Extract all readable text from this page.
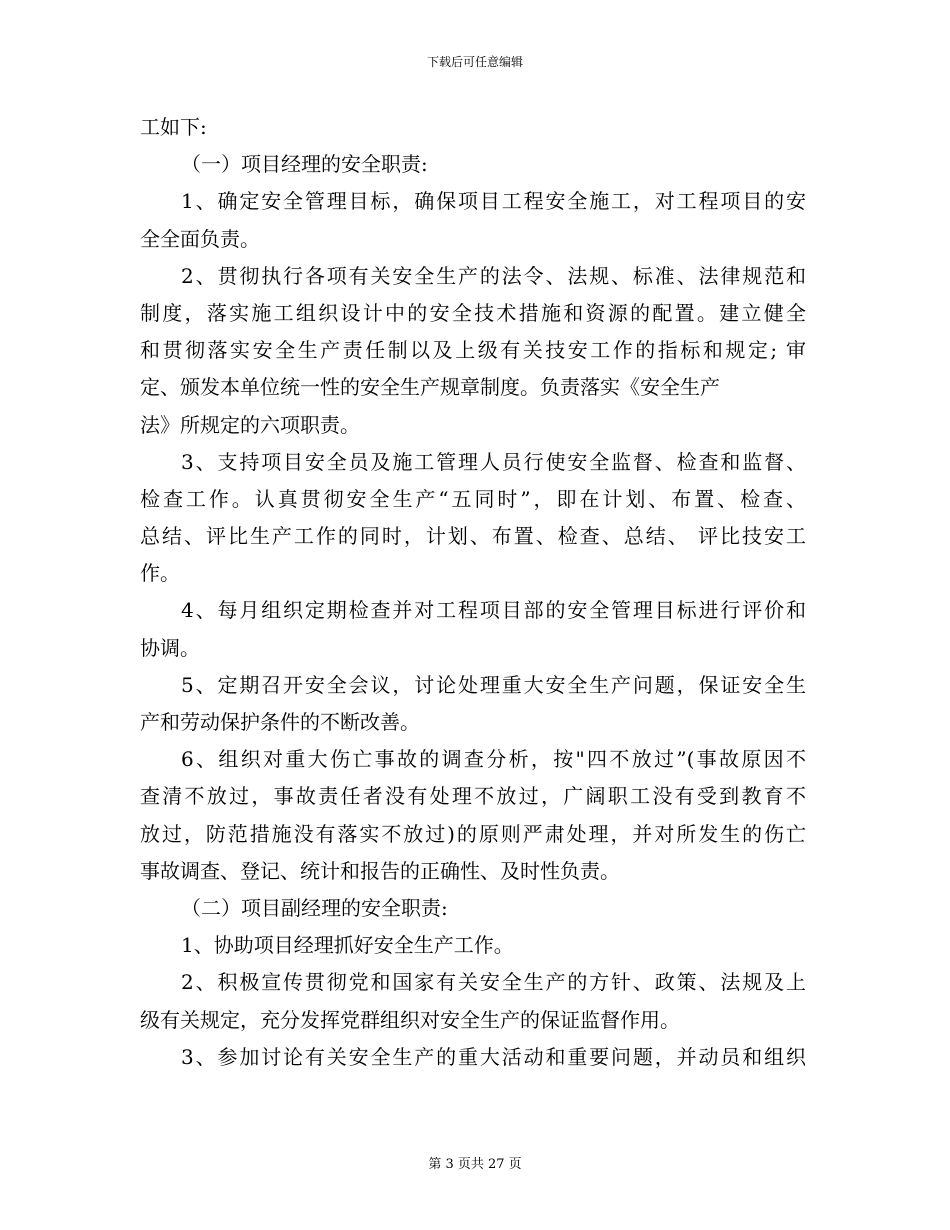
下载后可任意编辑
工如下:
（一）项目经理的安全职责:
1、确定安全管理目标，确保项目工程安全施工，对工程项目的安
全全面负责。
2、贯彻执行各项有关安全生产的法令、法规、标准、法律规范和
制度，落实施工组织设计中的安全技术措施和资源的配置。建立健全
和贯彻落实安全生产责任制以及上级有关技安工作的指标和规定; 审
定、颁发本单位统一性的安全生产规章制度。负责落实《安全生产
法》所规定的六项职责。
3、支持项目安全员及施工管理人员行使安全监督、检查和监督、
检查工作。认真贯彻安全生产“五同时”，即在计划、布置、检查、
总结、评比生产工作的同时，计划、布置、检查、总结、 评比技安工
作。
4、每月组织定期检查并对工程项目部的安全管理目标进行评价和
协调。
5、定期召开安全会议，讨论处理重大安全生产问题，保证安全生
产和劳动保护条件的不断改善。
6、组织对重大伤亡事故的调查分析，按"四不放过”(事故原因不
查清不放过，事故责任者没有处理不放过，广阔职工没有受到教育不
放过，防范措施没有落实不放过)的原则严肃处理，并对所发生的伤亡
事故调查、登记、统计和报告的正确性、及时性负责。
（二）项目副经理的安全职责:
1、协助项目经理抓好安全生产工作。
2、积极宣传贯彻党和国家有关安全生产的方针、政策、法规及上
级有关规定，充分发挥党群组织对安全生产的保证监督作用。
3、参加讨论有关安全生产的重大活动和重要问题，并动员和组织
第 3 页共 27 页
